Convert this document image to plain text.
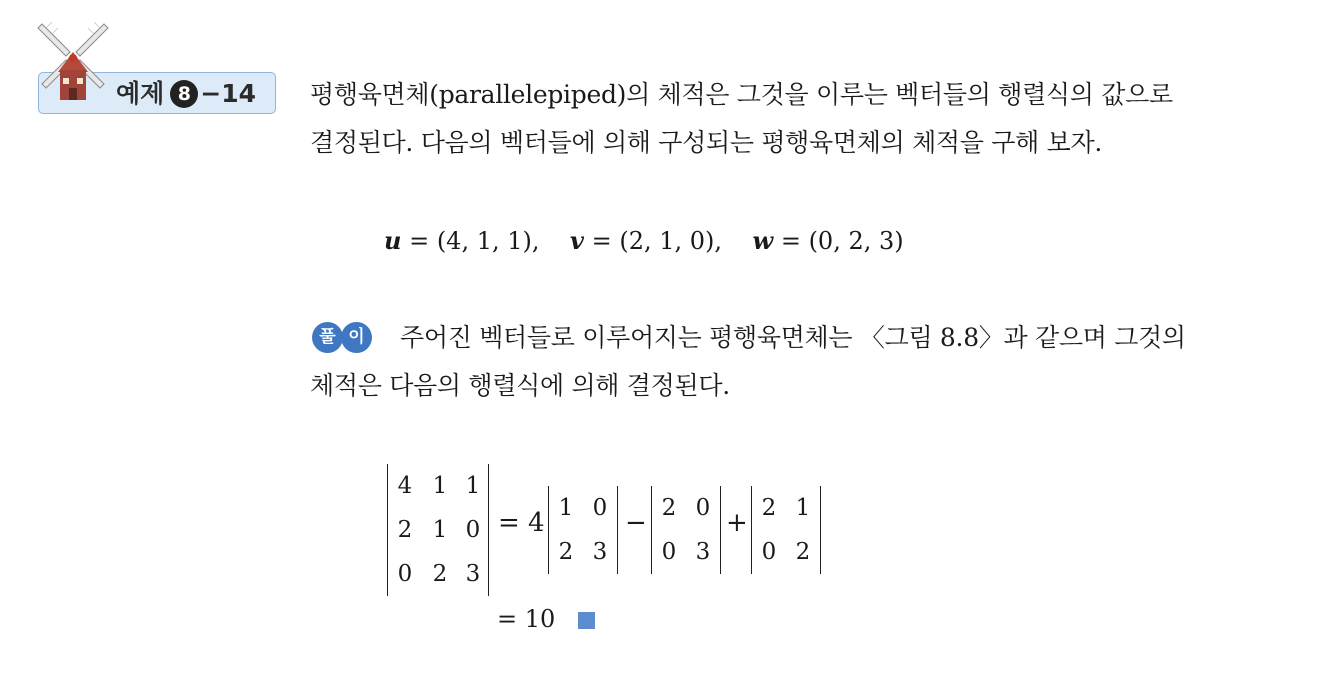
예제 8 −14 평행육면체(parallelepiped)의 체적은 그것을 이루는 벡터들의 행렬식의 값으로
결정된다. 다음의 벡터들에 의해 구성되는 평행육면체의 체적을 구해 보자.
u = (4, 1, 1), v = (2, 1, 0), w = (0, 2, 3)
풀 이 주어진 벡터들로 이루어지는 평행육면체는 〈그림 8.8〉과 같으며 그것의
체적은 다음의 행렬식에 의해 결정된다.
4	1	1
2	1	0
0	2	3
= 4 1	0
2	3
− 2	0
0	3
+ 2	1
0	2
= 10
